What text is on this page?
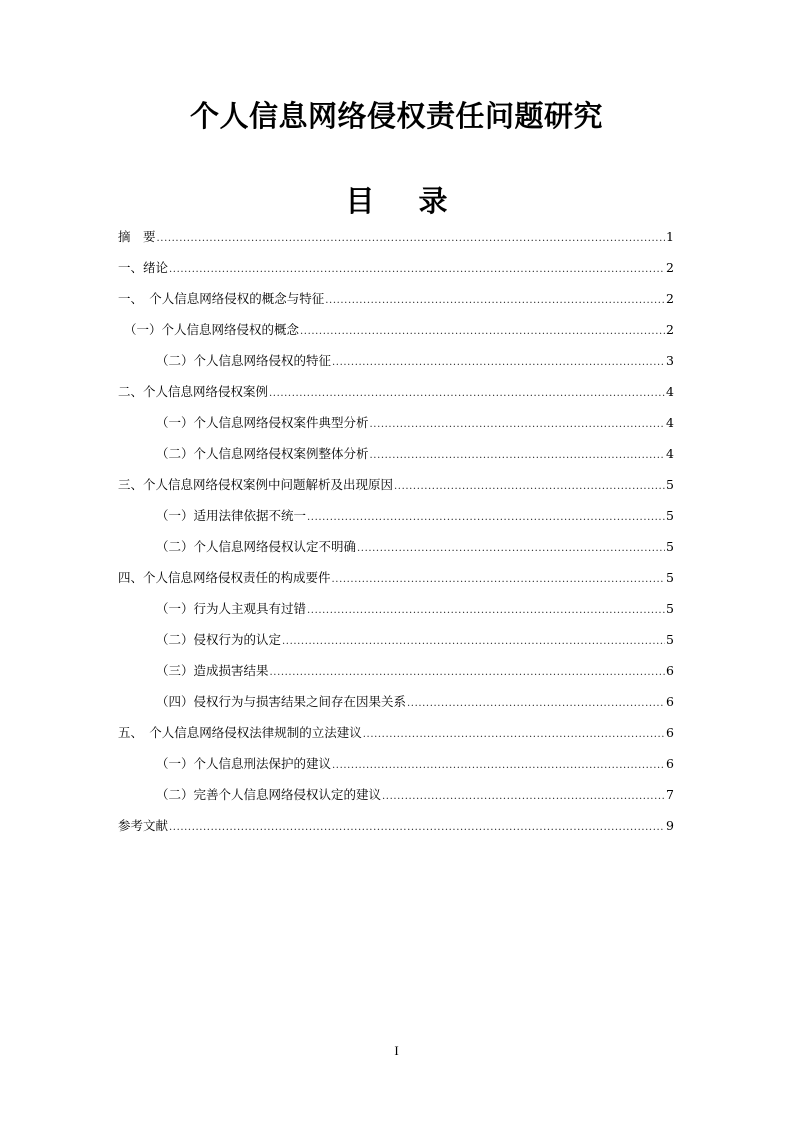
个人信息网络侵权责任问题研究
目 录
摘　要 .....	1
一、绪论 .....	2
一、　个人信息网络侵权的概念与特征 .....	2
（一）个人信息网络侵权的概念 .....	2
（二）个人信息网络侵权的特征 .....	3
二、个人信息网络侵权案例 .....	4
（一）个人信息网络侵权案件典型分析 .....	4
（二）个人信息网络侵权案例整体分析 .....	4
三、个人信息网络侵权案例中问题解析及出现原因 .....	5
（一）适用法律依据不统一 .....	5
（二）个人信息网络侵权认定不明确 .....	5
四、个人信息网络侵权责任的构成要件 .....	5
（一）行为人主观具有过错 .....	5
（二）侵权行为的认定 .....	5
（三）造成损害结果 .....	6
（四）侵权行为与损害结果之间存在因果关系 .....	6
五、　个人信息网络侵权法律规制的立法建议 .....	6
（一）个人信息刑法保护的建议 .....	6
（二）完善个人信息网络侵权认定的建议 .....	7
参考文献 .....	9
I
